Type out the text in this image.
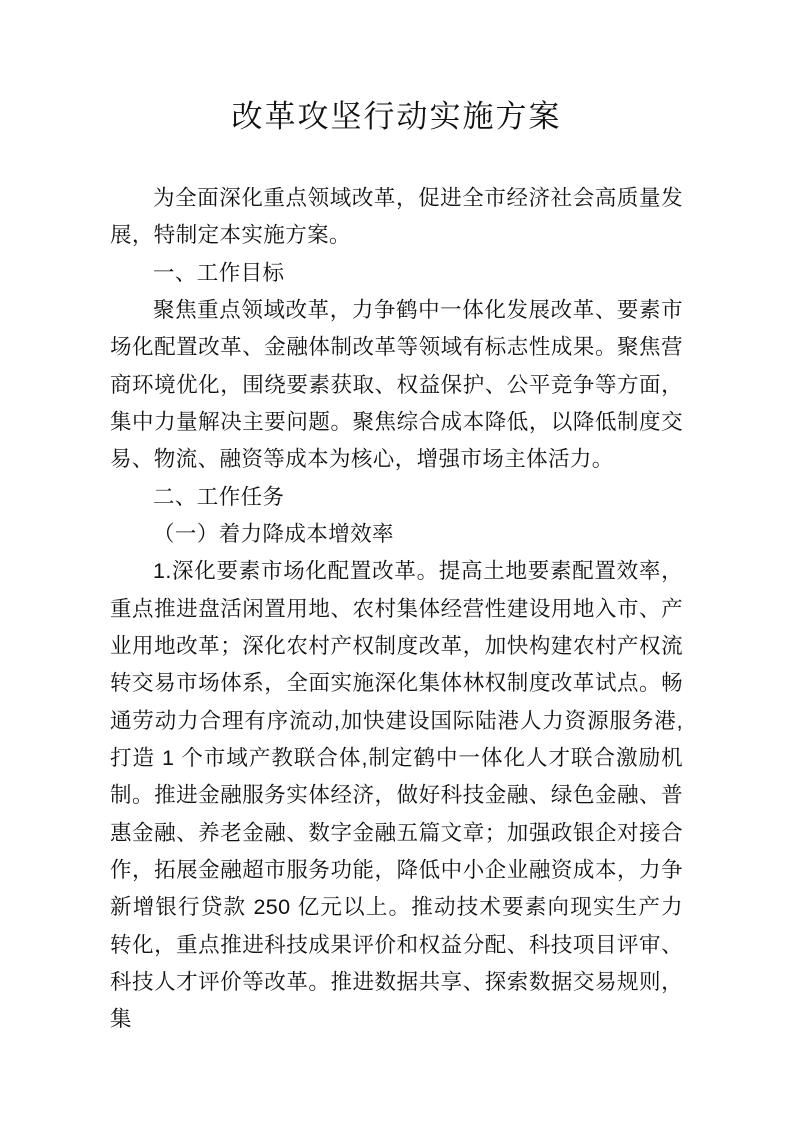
改革攻坚行动实施方案

为全面深化重点领域改革，促进全市经济社会高质量发展，特制定本实施方案。

一、工作目标

聚焦重点领域改革，力争鹤中一体化发展改革、要素市场化配置改革、金融体制改革等领域有标志性成果。聚焦营商环境优化，围绕要素获取、权益保护、公平竞争等方面，集中力量解决主要问题。聚焦综合成本降低，以降低制度交易、物流、融资等成本为核心，增强市场主体活力。

二、工作任务

（一）着力降成本增效率

1.深化要素市场化配置改革。提高土地要素配置效率，重点推进盘活闲置用地、农村集体经营性建设用地入市、产业用地改革；深化农村产权制度改革，加快构建农村产权流转交易市场体系，全面实施深化集体林权制度改革试点。畅通劳动力合理有序流动,加快建设国际陆港人力资源服务港,打造 1 个市域产教联合体,制定鹤中一体化人才联合激励机制。推进金融服务实体经济，做好科技金融、绿色金融、普惠金融、养老金融、数字金融五篇文章；加强政银企对接合作，拓展金融超市服务功能，降低中小企业融资成本，力争新增银行贷款 250 亿元以上。推动技术要素向现实生产力转化，重点推进科技成果评价和权益分配、科技项目评审、科技人才评价等改革。推进数据共享、探索数据交易规则，集
